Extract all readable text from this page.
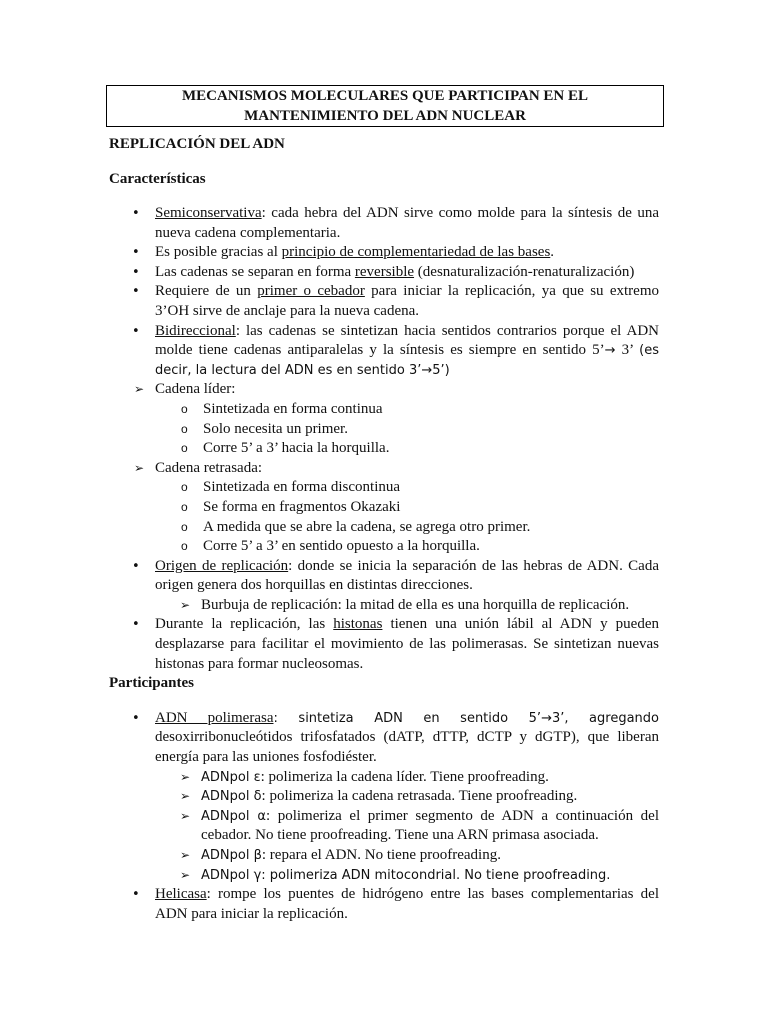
MECANISMOS MOLECULARES QUE PARTICIPAN EN EL
MANTENIMIENTO DEL ADN NUCLEAR
REPLICACIÓN DEL ADN
Características
• Semiconservativa: cada hebra del ADN sirve como molde para la síntesis de una nueva cadena complementaria.
• Es posible gracias al principio de complementariedad de las bases.
• Las cadenas se separan en forma reversible (desnaturalización-renaturalización)
• Requiere de un primer o cebador para iniciar la replicación, ya que su extremo 3’OH sirve de anclaje para la nueva cadena.
• Bidireccional: las cadenas se sintetizan hacia sentidos contrarios porque el ADN molde tiene cadenas antiparalelas y la síntesis es siempre en sentido 5’→ 3’ (es decir, la lectura del ADN es en sentido 3’→5’)
➢ Cadena líder:
o Sintetizada en forma continua
o Solo necesita un primer.
o Corre 5’ a 3’ hacia la horquilla.
➢ Cadena retrasada:
o Sintetizada en forma discontinua
o Se forma en fragmentos Okazaki
o A medida que se abre la cadena, se agrega otro primer.
o Corre 5’ a 3’ en sentido opuesto a la horquilla.
• Origen de replicación: donde se inicia la separación de las hebras de ADN. Cada origen genera dos horquillas en distintas direcciones.
➢ Burbuja de replicación: la mitad de ella es una horquilla de replicación.
• Durante la replicación, las histonas tienen una unión lábil al ADN y pueden desplazarse para facilitar el movimiento de las polimerasas. Se sintetizan nuevas histonas para formar nucleosomas.
Participantes
• ADN polimerasa: sintetiza ADN en sentido 5’→3’, agregando desoxirribonucleótidos trifosfatados (dATP, dTTP, dCTP y dGTP), que liberan energía para las uniones fosfodiéster.
➢ ADNpol ε: polimeriza la cadena líder. Tiene proofreading.
➢ ADNpol δ: polimeriza la cadena retrasada. Tiene proofreading.
➢ ADNpol α: polimeriza el primer segmento de ADN a continuación del cebador. No tiene proofreading. Tiene una ARN primasa asociada.
➢ ADNpol β: repara el ADN. No tiene proofreading.
➢ ADNpol γ: polimeriza ADN mitocondrial. No tiene proofreading.
• Helicasa: rompe los puentes de hidrógeno entre las bases complementarias del ADN para iniciar la replicación.
